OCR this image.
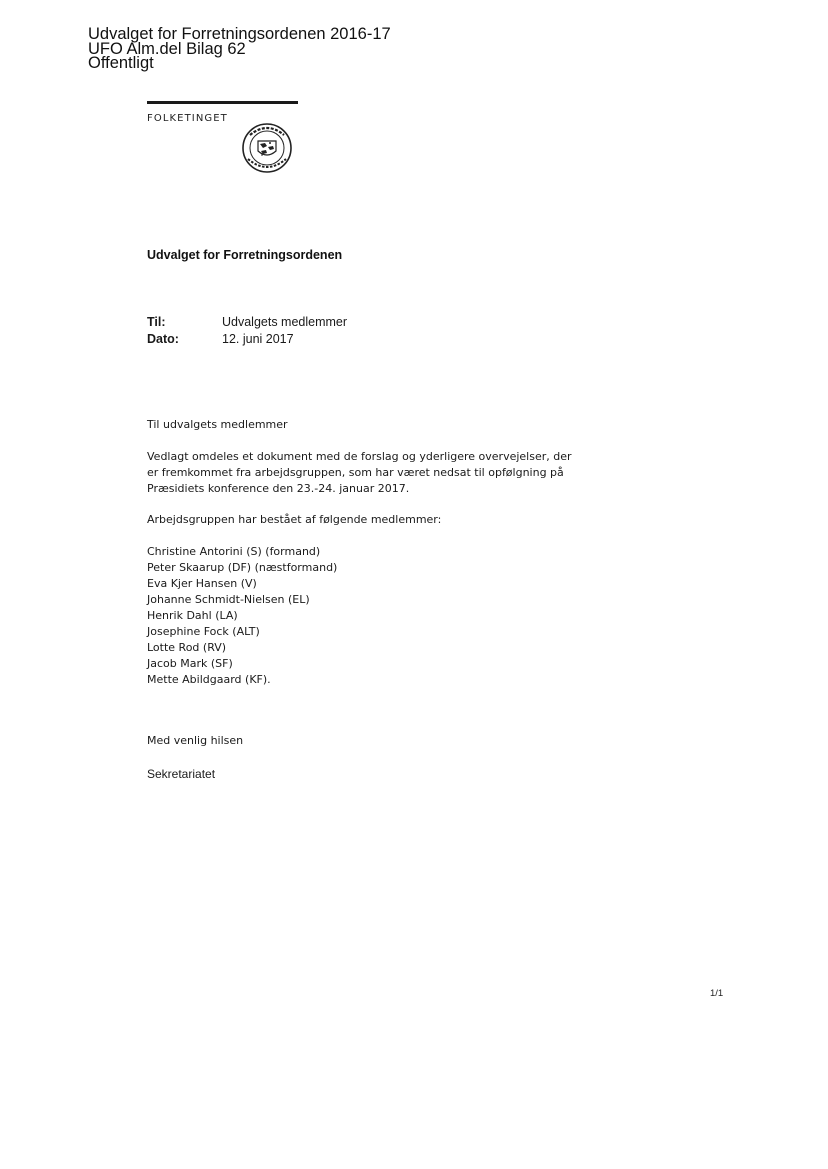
Udvalget for Forretningsordenen 2016-17
UFO Alm.del Bilag 62
Offentligt
FOLKETINGET
Udvalget for Forretningsordenen
Til:	Udvalgets medlemmer
Dato:	12. juni 2017
Til udvalgets medlemmer
Vedlagt omdeles et dokument med de forslag og yderligere overvejelser, der
er fremkommet fra arbejdsgruppen, som har været nedsat til opfølgning på
Præsidiets konference den 23.-24. januar 2017.
Arbejdsgruppen har bestået af følgende medlemmer:
Christine Antorini (S) (formand)
Peter Skaarup (DF) (næstformand)
Eva Kjer Hansen (V)
Johanne Schmidt-Nielsen (EL)
Henrik Dahl (LA)
Josephine Fock (ALT)
Lotte Rod (RV)
Jacob Mark (SF)
Mette Abildgaard (KF).
Med venlig hilsen
Sekretariatet
1/1
